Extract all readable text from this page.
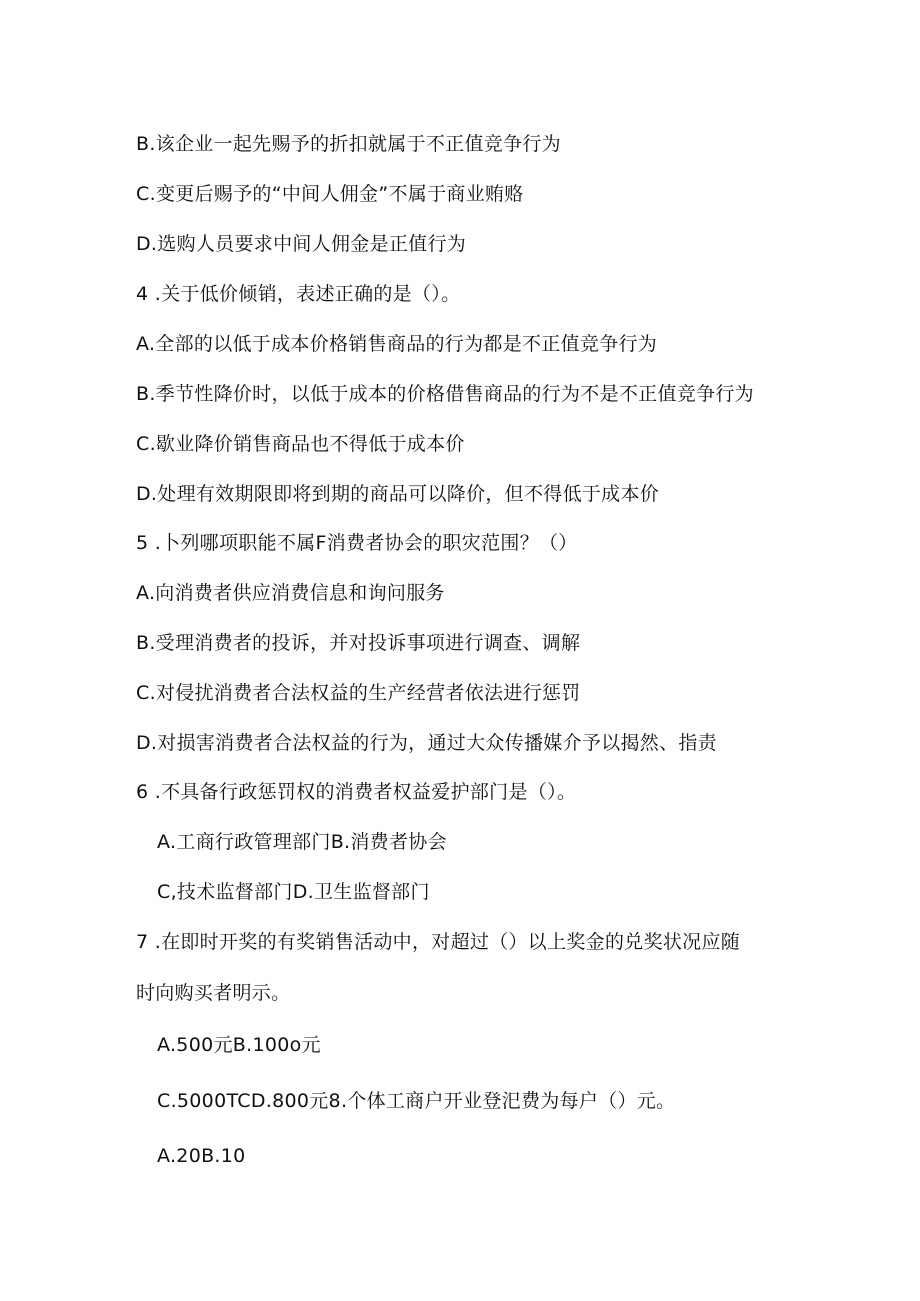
B.该企业一起先赐予的折扣就属于不正值竞争行为
C.变更后赐予的“中间人佣金”不属于商业贿赂
D.选购人员要求中间人佣金是正值行为
4 .关于低价倾销，表述正确的是（）。
A.全部的以低于成本价格销售商品的行为都是不正值竞争行为
B.季节性降价时，以低于成本的价格借售商品的行为不是不正值竞争行为
C.歇业降价销售商品也不得低于成本价
D.处理有效期限即将到期的商品可以降价，但不得低于成本价
5 .卜列哪项职能不属F消费者协会的职灾范围？（）
A.向消费者供应消费信息和询问服务
B.受理消费者的投诉，并对投诉事项进行调查、调解
C.对侵扰消费者合法权益的生产经营者依法进行惩罚
D.对损害消费者合法权益的行为，通过大众传播媒介予以揭然、指责
6 .不具备行政惩罚权的消费者权益爱护部门是（）。
A.工商行政管理部门B.消费者协会
C,技术监督部门D.卫生监督部门
7 .在即时开奖的有奖销售活动中，对超过（）以上奖金的兑奖状况应随
时向购买者明示。
A.500元B.100o元
C.5000TCD.800元8.个体工商户开业登汜费为每户（）元。
A.20B.10
